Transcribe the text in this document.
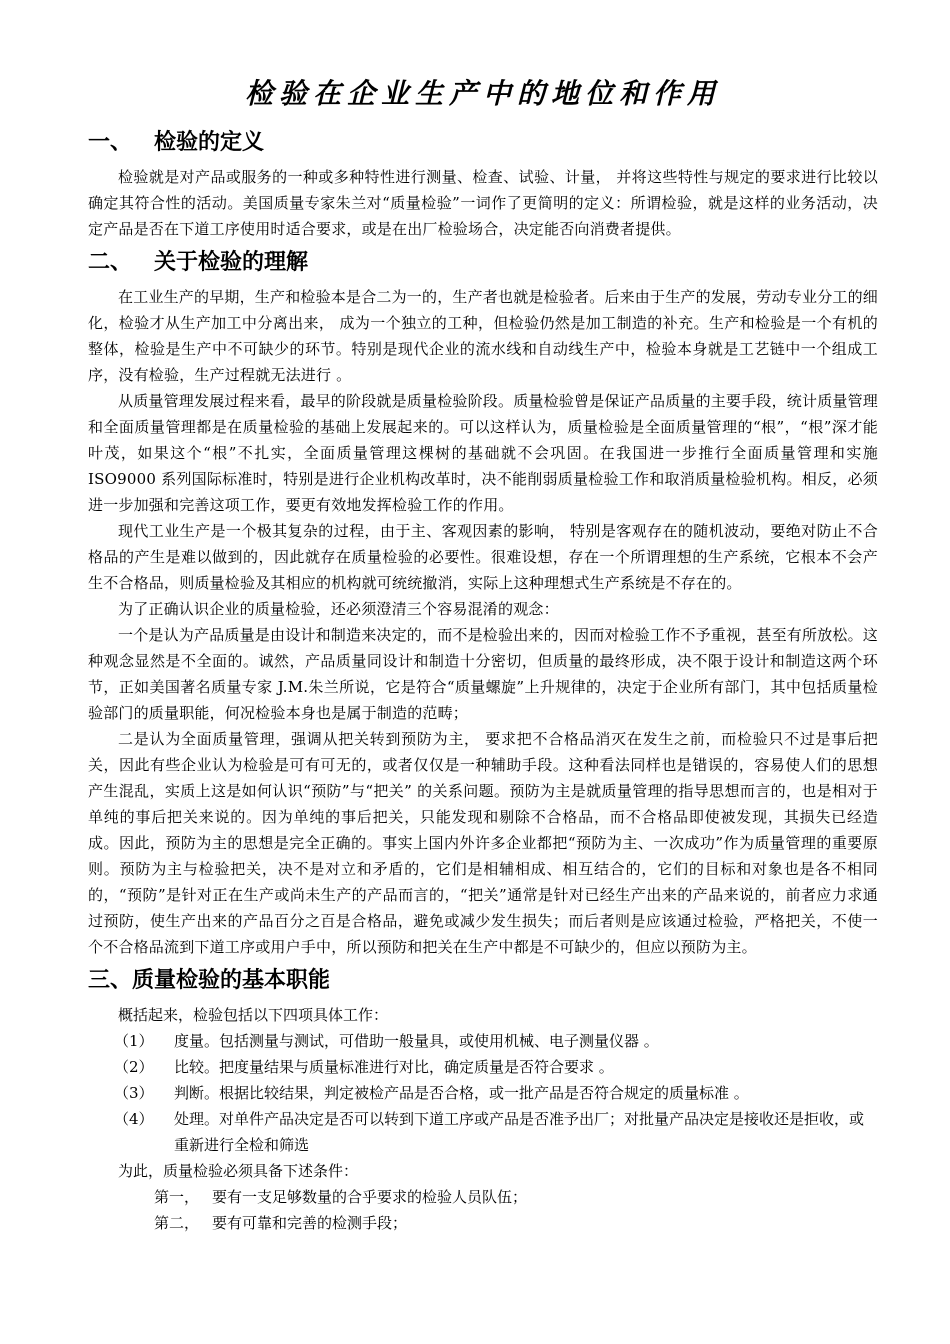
检验在企业生产中的地位和作用
一、 检验的定义

检验就是对产品或服务的一种或多种特性进行测量、检查、试验、计量， 并将这些特性与规定的要求进行比较以确定其符合性的活动。美国质量专家朱兰对“质量检验”一词作了更简明的定义：所谓检验，就是这样的业务活动，决定产品是否在下道工序使用时适合要求，或是在出厂检验场合，决定能否向消费者提供。

二、 关于检验的理解

在工业生产的早期，生产和检验本是合二为一的，生产者也就是检验者。后来由于生产的发展，劳动专业分工的细化，检验才从生产加工中分离出来， 成为一个独立的工种，但检验仍然是加工制造的补充。生产和检验是一个有机的整体，检验是生产中不可缺少的环节。特别是现代企业的流水线和自动线生产中，检验本身就是工艺链中一个组成工序，没有检验，生产过程就无法进行 。

从质量管理发展过程来看，最早的阶段就是质量检验阶段。质量检验曾是保证产品质量的主要手段，统计质量管理和全面质量管理都是在质量检验的基础上发展起来的。可以这样认为，质量检验是全面质量管理的“根”，“根”深才能叶茂，如果这个“根”不扎实，全面质量管理这棵树的基础就不会巩固。在我国进一步推行全面质量管理和实施 ISO9000 系列国际标准时，特别是进行企业机构改革时，决不能削弱质量检验工作和取消质量检验机构。相反，必须进一步加强和完善这项工作，要更有效地发挥检验工作的作用。

现代工业生产是一个极其复杂的过程，由于主、客观因素的影响， 特别是客观存在的随机波动，要绝对防止不合格品的产生是难以做到的，因此就存在质量检验的必要性。很难设想，存在一个所谓理想的生产系统，它根本不会产生不合格品，则质量检验及其相应的机构就可统统撤消，实际上这种理想式生产系统是不存在的。

为了正确认识企业的质量检验，还必须澄清三个容易混淆的观念：

一个是认为产品质量是由设计和制造来决定的，而不是检验出来的，因而对检验工作不予重视，甚至有所放松。这种观念显然是不全面的。诚然，产品质量同设计和制造十分密切，但质量的最终形成，决不限于设计和制造这两个环节，正如美国著名质量专家 J.M.朱兰所说，它是符合“质量螺旋”上升规律的，决定于企业所有部门，其中包括质量检验部门的质量职能，何况检验本身也是属于制造的范畴；

二是认为全面质量管理，强调从把关转到预防为主， 要求把不合格品消灭在发生之前，而检验只不过是事后把关，因此有些企业认为检验是可有可无的，或者仅仅是一种辅助手段。这种看法同样也是错误的，容易使人们的思想产生混乱，实质上这是如何认识“预防”与“把关” 的关系问题。预防为主是就质量管理的指导思想而言的，也是相对于单纯的事后把关来说的。因为单纯的事后把关，只能发现和剔除不合格品，而不合格品即使被发现，其损失已经造成。因此，预防为主的思想是完全正确的。事实上国内外许多企业都把“预防为主、一次成功”作为质量管理的重要原则。预防为主与检验把关，决不是对立和矛盾的，它们是相辅相成、相互结合的，它们的目标和对象也是各不相同的，“预防”是针对正在生产或尚未生产的产品而言的，“把关”通常是针对已经生产出来的产品来说的，前者应力求通过预防，使生产出来的产品百分之百是合格品，避免或减少发生损失；而后者则是应该通过检验，严格把关，不使一个不合格品流到下道工序或用户手中，所以预防和把关在生产中都是不可缺少的，但应以预防为主。

三、 质量检验的基本职能
概括起来，检验包括以下四项具体工作：
（1）	度量。包括测量与测试，可借助一般量具，或使用机械、电子测量仪器 。
（2）	比较。把度量结果与质量标准进行对比，确定质量是否符合要求 。
（3）	判断。根据比较结果，判定被检产品是否合格，或一批产品是否符合规定的质量标准 。
（4）	处理。对单件产品决定是否可以转到下道工序或产品是否准予出厂；对批量产品决定是接收还是拒收，或重新进行全检和筛选
为此，质量检验必须具备下述条件：
第一， 要有一支足够数量的合乎要求的检验人员队伍；
第二， 要有可靠和完善的检测手段；
